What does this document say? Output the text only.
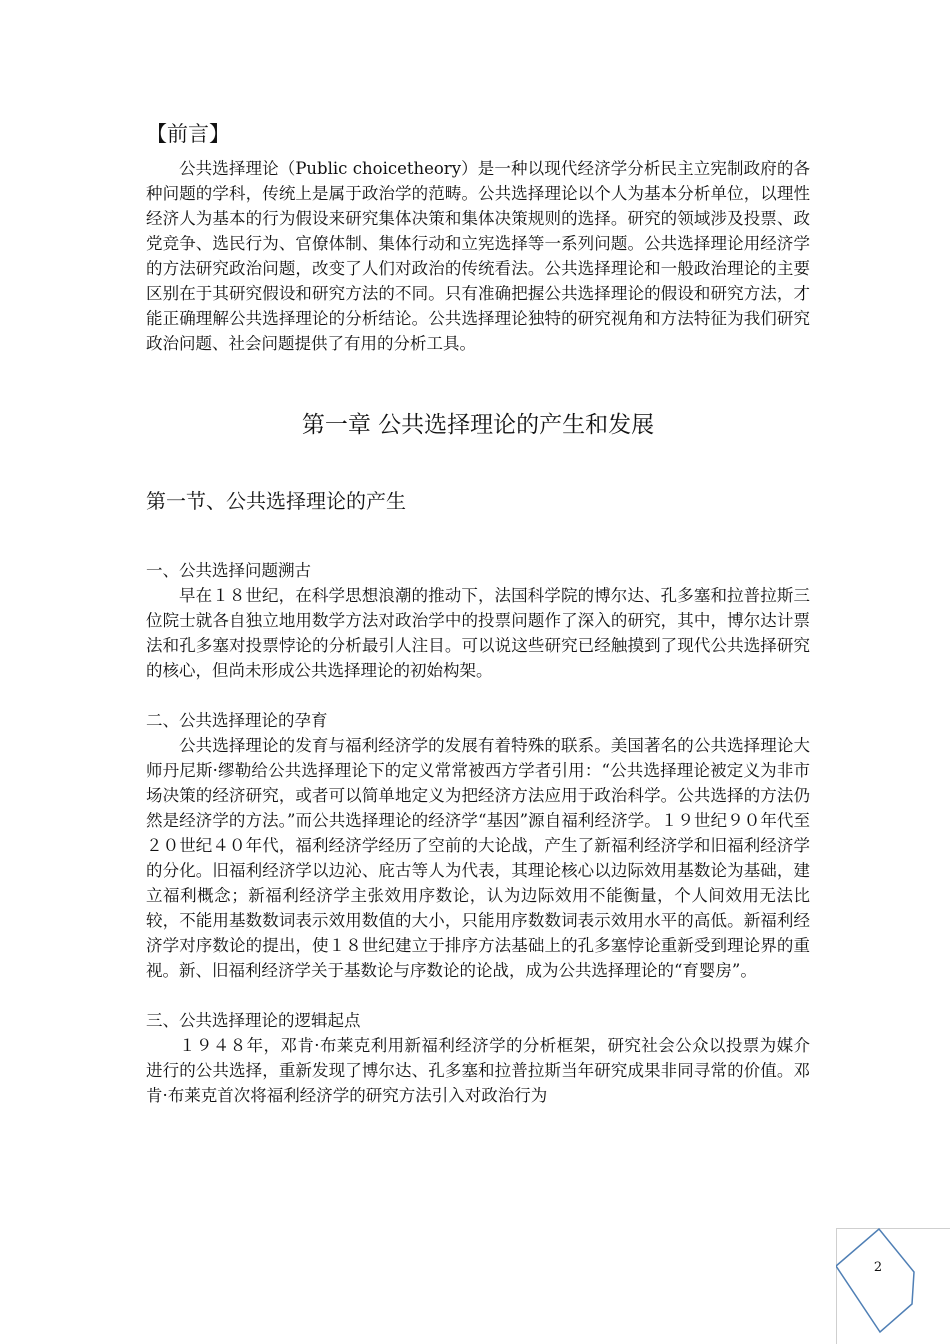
【前言】

公共选择理论（Public choicetheory）是一种以现代经济学分析民主立宪制政府的各种问题的学科，传统上是属于政治学的范畴。公共选择理论以个人为基本分析单位，以理性经济人为基本的行为假设来研究集体决策和集体决策规则的选择。研究的领域涉及投票、政党竞争、选民行为、官僚体制、集体行动和立宪选择等一系列问题。公共选择理论用经济学的方法研究政治问题，改变了人们对政治的传统看法。公共选择理论和一般政治理论的主要区别在于其研究假设和研究方法的不同。只有准确把握公共选择理论的假设和研究方法，才能正确理解公共选择理论的分析结论。公共选择理论独特的研究视角和方法特征为我们研究政治问题、社会问题提供了有用的分析工具。

第一章 公共选择理论的产生和发展
第一节、公共选择理论的产生
一、公共选择问题溯古

早在１８世纪，在科学思想浪潮的推动下，法国科学院的博尔达、孔多塞和拉普拉斯三位院士就各自独立地用数学方法对政治学中的投票问题作了深入的研究，其中，博尔达计票法和孔多塞对投票悖论的分析最引人注目。可以说这些研究已经触摸到了现代公共选择研究的核心，但尚未形成公共选择理论的初始构架。

二、公共选择理论的孕育

公共选择理论的发育与福利经济学的发展有着特殊的联系。美国著名的公共选择理论大师丹尼斯·缪勒给公共选择理论下的定义常常被西方学者引用：“公共选择理论被定义为非市场决策的经济研究，或者可以简单地定义为把经济方法应用于政治科学。公共选择的方法仍然是经济学的方法。”而公共选择理论的经济学“基因”源自福利经济学。１９世纪９０年代至２０世纪４０年代，福利经济学经历了空前的大论战，产生了新福利经济学和旧福利经济学的分化。旧福利经济学以边沁、庇古等人为代表，其理论核心以边际效用基数论为基础，建立福利概念；新福利经济学主张效用序数论，认为边际效用不能衡量，个人间效用无法比较，不能用基数数词表示效用数值的大小，只能用序数数词表示效用水平的高低。新福利经济学对序数论的提出，使１８世纪建立于排序方法基础上的孔多塞悖论重新受到理论界的重视。新、旧福利经济学关于基数论与序数论的论战，成为公共选择理论的“育婴房”。

三、公共选择理论的逻辑起点

１９４８年，邓肯·布莱克利用新福利经济学的分析框架，研究社会公众以投票为媒介进行的公共选择，重新发现了博尔达、孔多塞和拉普拉斯当年研究成果非同寻常的价值。邓肯·布莱克首次将福利经济学的研究方法引入对政治行为

2
